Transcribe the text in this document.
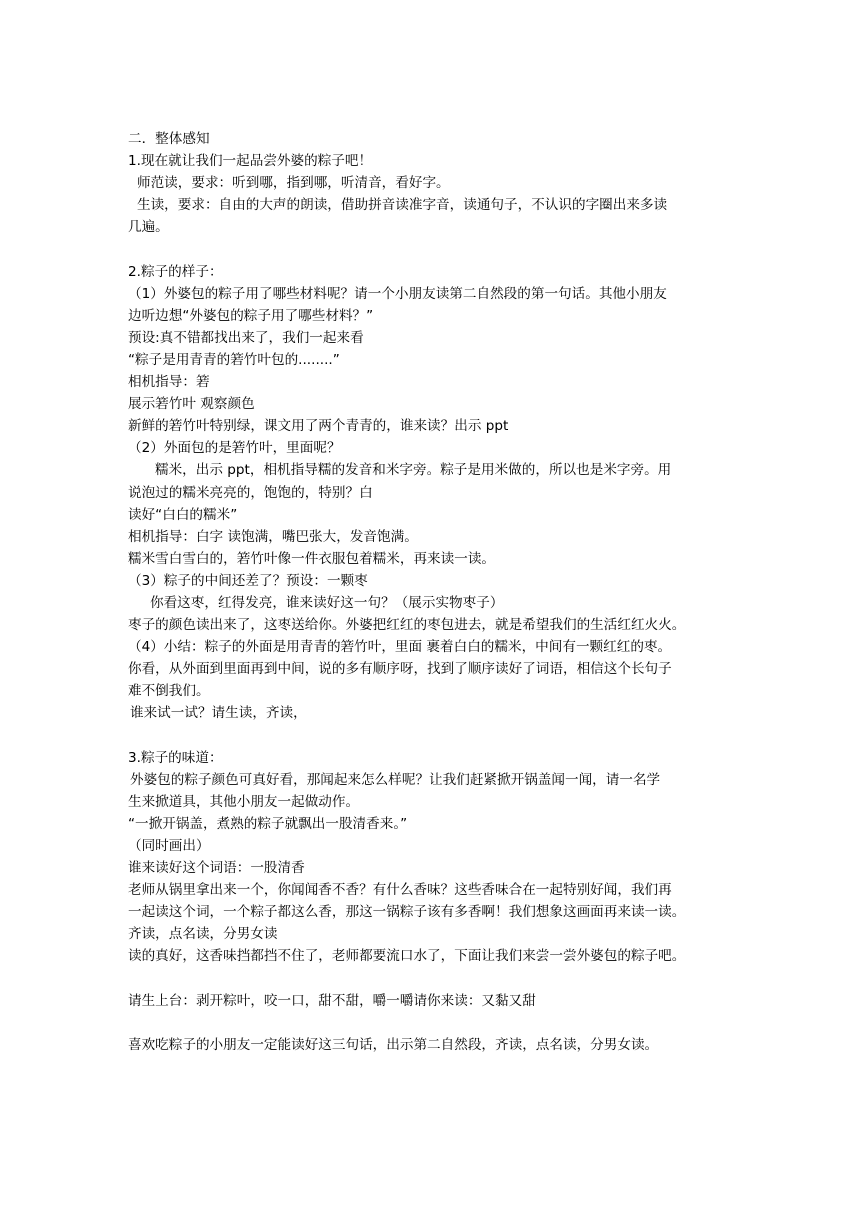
二．整体感知
1.现在就让我们一起品尝外婆的粽子吧！
师范读，要求：听到哪，指到哪，听清音，看好字。
生读，要求：自由的大声的朗读，借助拼音读准字音，读通句子，不认识的字圈出来多读
几遍。
2.粽子的样子：
（1）外婆包的粽子用了哪些材料呢？请一个小朋友读第二自然段的第一句话。其他小朋友
边听边想“外婆包的粽子用了哪些材料？”
预设:真不错都找出来了，我们一起来看
“粽子是用青青的箬竹叶包的........”
相机指导：箬
展示箬竹叶 观察颜色
新鲜的箬竹叶特别绿，课文用了两个青青的，谁来读？出示 ppt
（2）外面包的是箬竹叶，里面呢？
糯米，出示 ppt，相机指导糯的发音和米字旁。粽子是用米做的，所以也是米字旁。用
说泡过的糯米亮亮的，饱饱的，特别？白
读好“白白的糯米”
相机指导：白字 读饱满，嘴巴张大，发音饱满。
糯米雪白雪白的，箬竹叶像一件衣服包着糯米，再来读一读。
（3）粽子的中间还差了？预设：一颗枣
你看这枣，红得发亮，谁来读好这一句？（展示实物枣子）
枣子的颜色读出来了，这枣送给你。外婆把红红的枣包进去，就是希望我们的生活红红火火。
（4）小结：粽子的外面是用青青的箬竹叶，里面 裹着白白的糯米，中间有一颗红红的枣。
你看，从外面到里面再到中间，说的多有顺序呀，找到了顺序读好了词语，相信这个长句子
难不倒我们。
谁来试一试？请生读，齐读，
3.粽子的味道：
外婆包的粽子颜色可真好看，那闻起来怎么样呢？让我们赶紧掀开锅盖闻一闻，请一名学
生来掀道具，其他小朋友一起做动作。
“一掀开锅盖，煮熟的粽子就飘出一股清香来。”
（同时画出）
谁来读好这个词语：一股清香
老师从锅里拿出来一个，你闻闻香不香？有什么香味？这些香味合在一起特别好闻，我们再
一起读这个词，一个粽子都这么香，那这一锅粽子该有多香啊！我们想象这画面再来读一读。
齐读，点名读，分男女读
读的真好，这香味挡都挡不住了，老师都要流口水了，下面让我们来尝一尝外婆包的粽子吧。
请生上台：剥开粽叶，咬一口，甜不甜，嚼一嚼请你来读：又黏又甜
喜欢吃粽子的小朋友一定能读好这三句话，出示第二自然段，齐读，点名读，分男女读。
